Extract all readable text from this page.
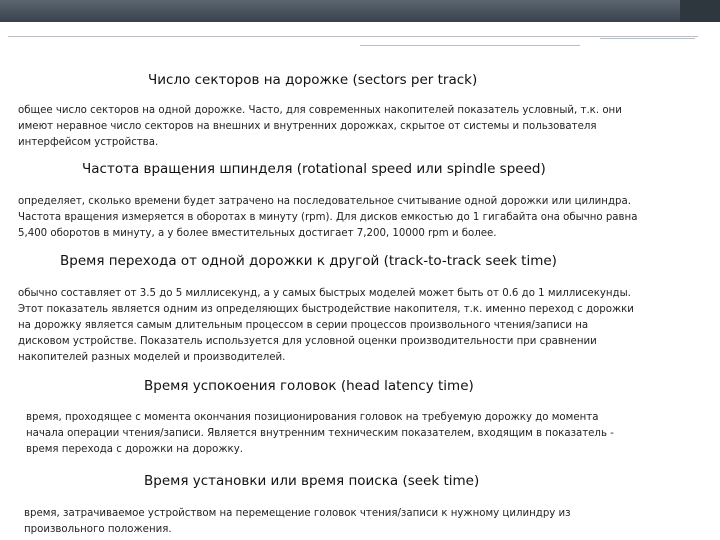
Число секторов на дорожке (sectors per track)

общее число секторов на одной дорожке. Часто, для современных накопителей показатель условный, т.к. они
имеют неравное число секторов на внешних и внутренних дорожках, скрытое от системы и пользователя
интерфейсом устройства.

Частота вращения шпинделя (rotational speed или spindle speed)

определяет, сколько времени будет затрачено на последовательное считывание одной дорожки или цилиндра.
Частота вращения измеряется в оборотах в минуту (rpm). Для дисков емкостью до 1 гигабайта она обычно равна
5,400 оборотов в минуту, а у более вместительных достигает 7,200, 10000 rpm и более.

Время перехода от одной дорожки к другой (track-to-track seek time)

обычно составляет от 3.5 до 5 миллисекунд, а у самых быстрых моделей может быть от 0.6 до 1 миллисекунды.
Этот показатель является одним из определяющих быстродействие накопителя, т.к. именно переход с дорожки
на дорожку является самым длительным процессом в серии процессов произвольного чтения/записи на
дисковом устройстве. Показатель используется для условной оценки производительности при сравнении
накопителей разных моделей и производителей.

Время успокоения головок (head latency time)

время, проходящее с момента окончания позиционирования головок на требуемую дорожку до момента
начала операции чтения/записи. Является внутренним техническим показателем, входящим в показатель -
время перехода с дорожки на дорожку.

Время установки или время поиска (seek time)

время, затрачиваемое устройством на перемещение головок чтения/записи к нужному цилиндру из
произвольного положения.
